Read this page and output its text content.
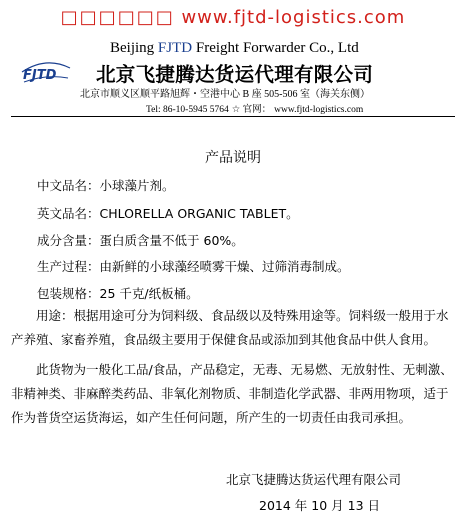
□□□□□□ www.fjtd-logistics.com
FJTD
Beijing FJTD Freight Forwarder Co., Ltd
北京飞捷腾达货运代理有限公司
北京市顺义区顺平路旭辉・空港中心 B 座 505-506 室（海关东侧）
Tel: 86-10-5945 5764 ☆ 官网： www.fjtd-logistics.com
产品说明
中文品名：小球藻片剂。
英文品名：CHLORELLA ORGANIC TABLET。
成分含量：蛋白质含量不低于 60%。
生产过程：由新鲜的小球藻经喷雾干燥、过筛消毒制成。
包装规格：25 千克/纸板桶。
用途：根据用途可分为饲料级、食品级以及特殊用途等。饲料级一般用于水产养殖、家畜养殖，食品级主要用于保健食品或添加到其他食品中供人食用。
此货物为一般化工品/食品，产品稳定，无毒、无易燃、无放射性、无刺激、非精神类、非麻醉类药品、非氧化剂物质、非制造化学武器、非两用物项，适于作为普货空运货海运，如产生任何问题，所产生的一切责任由我司承担。
北京飞捷腾达货运代理有限公司
2014 年 10 月 13 日
